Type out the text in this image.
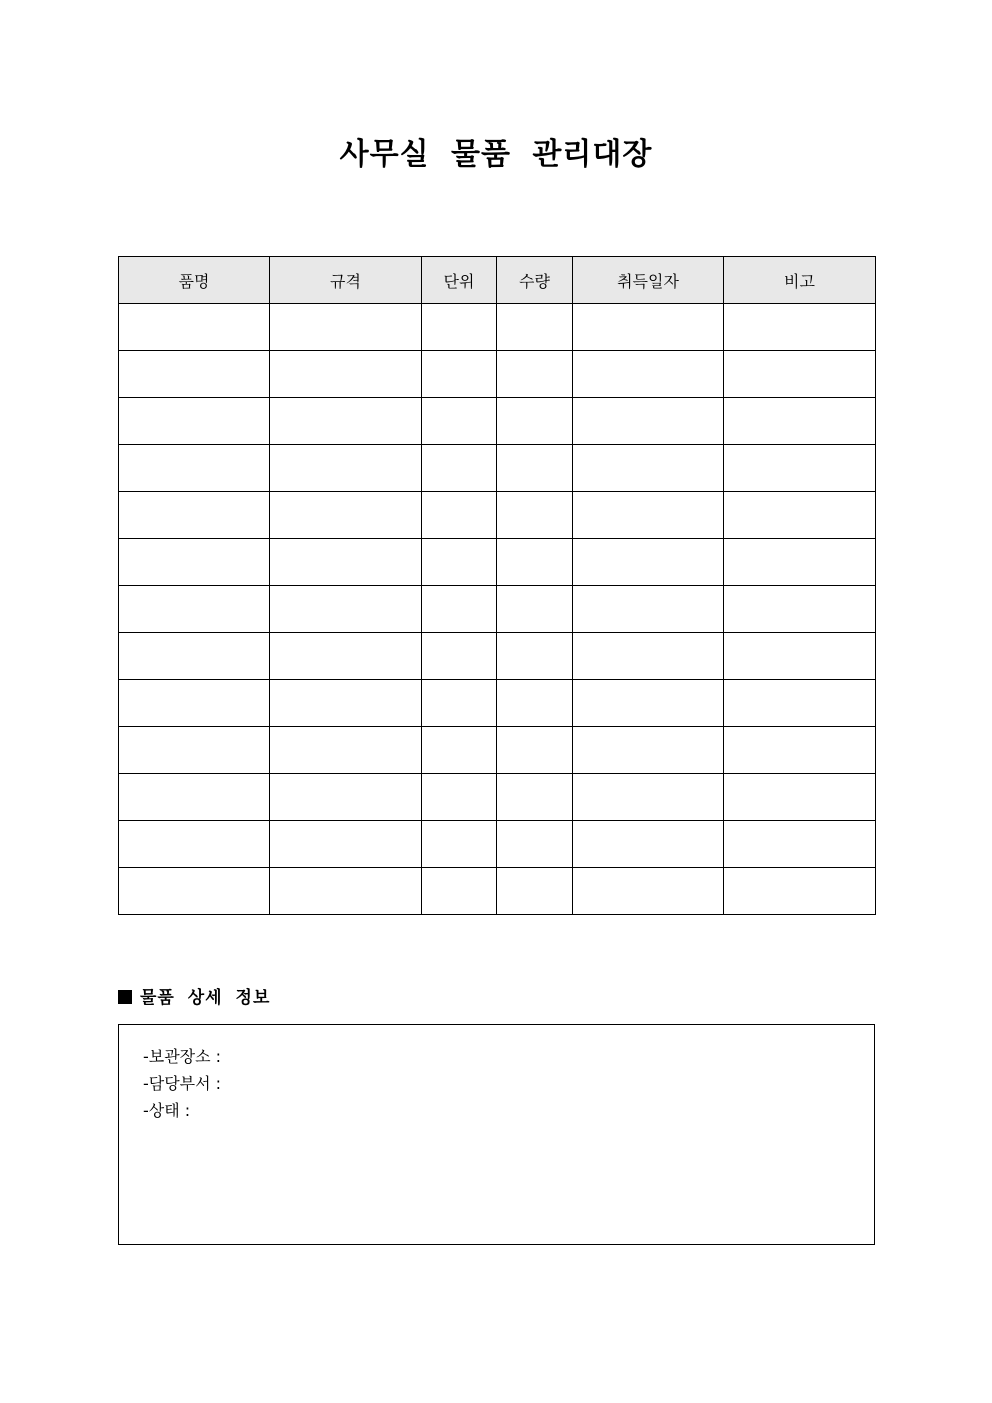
사무실 물품 관리대장
품명	규격	단위	수량	취득일자	비고

물품 상세 정보
-보관장소 :
-담당부서 :
-상태 :
